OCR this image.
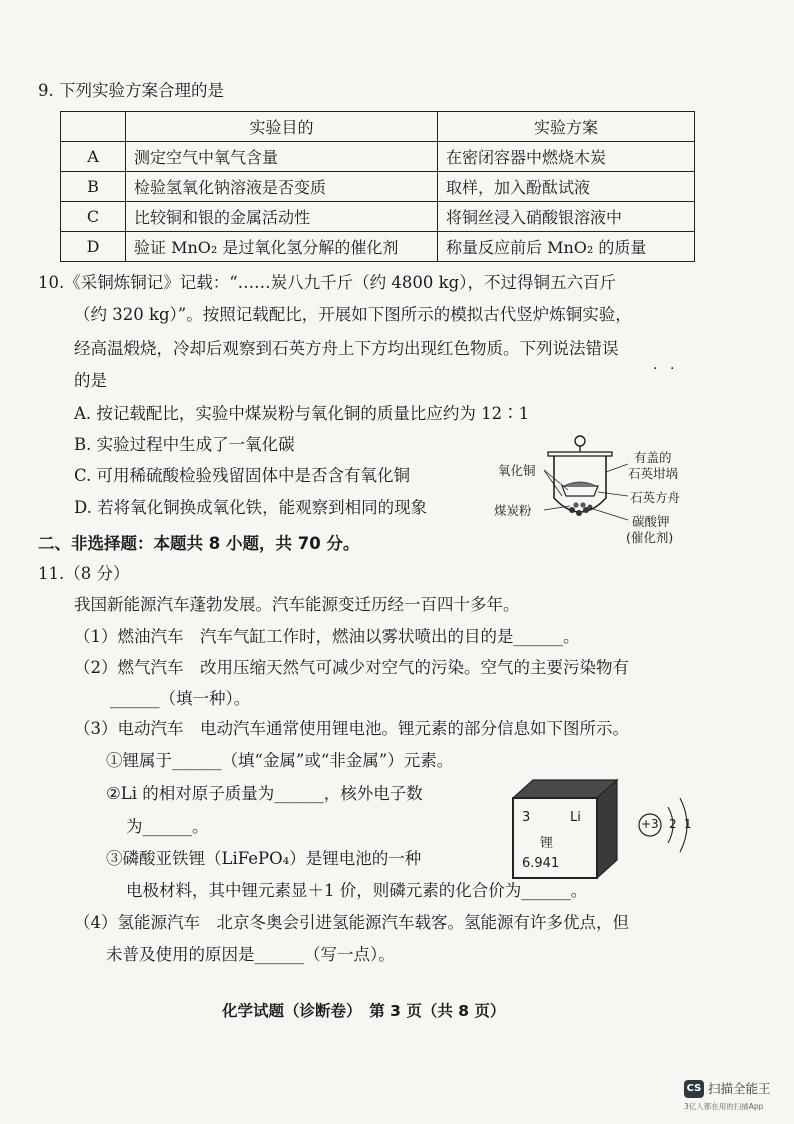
9. 下列实验方案合理的是
	实验目的	实验方案
A	测定空气中氧气含量	在密闭容器中燃烧木炭
B	检验氢氧化钠溶液是否变质	取样，加入酚酞试液
C	比较铜和银的金属活动性	将铜丝浸入硝酸银溶液中
D	验证 MnO₂ 是过氧化氢分解的催化剂	称量反应前后 MnO₂ 的质量
10.《采铜炼铜记》记载：“……炭八九千斤（约 4800 kg），不过得铜五六百斤
（约 320 kg）”。按照记载配比，开展如下图所示的模拟古代竖炉炼铜实验，
经高温煅烧，冷却后观察到石英方舟上下方均出现红色物质。下列说法错误
· ·
的是
A. 按记载配比，实验中煤炭粉与氧化铜的质量比应约为 12∶1
B. 实验过程中生成了一氧化碳
C. 可用稀硫酸检验残留固体中是否含有氧化铜
D. 若将氧化铜换成氧化铁，能观察到相同的现象
氧化铜
煤炭粉
有盖的
石英坩埚
石英方舟
碳酸钾
(催化剂)
二、非选择题：本题共 8 小题，共 70 分。
11.（8 分）
我国新能源汽车蓬勃发展。汽车能源变迁历经一百四十多年。
（1）燃油汽车　汽车气缸工作时，燃油以雾状喷出的目的是______。
（2）燃气汽车　改用压缩天然气可减少对空气的污染。空气的主要污染物有
______（填一种）。
（3）电动汽车　电动汽车通常使用锂电池。锂元素的部分信息如下图所示。
①锂属于______（填“金属”或“非金属”）元素。
②Li 的相对原子质量为______，核外电子数
为______。
③磷酸亚铁锂（LiFePO₄）是锂电池的一种
电极材料，其中锂元素显＋1 价，则磷元素的化合价为______。
（4）氢能源汽车　北京冬奥会引进氢能源汽车载客。氢能源有许多优点，但
未普及使用的原因是______（写一点）。
3	Li
锂
6.941
+3 2 1
化学试题（诊断卷）　第 3 页（共 8 页）
CS 扫描全能王
3亿人都在用的扫描App
